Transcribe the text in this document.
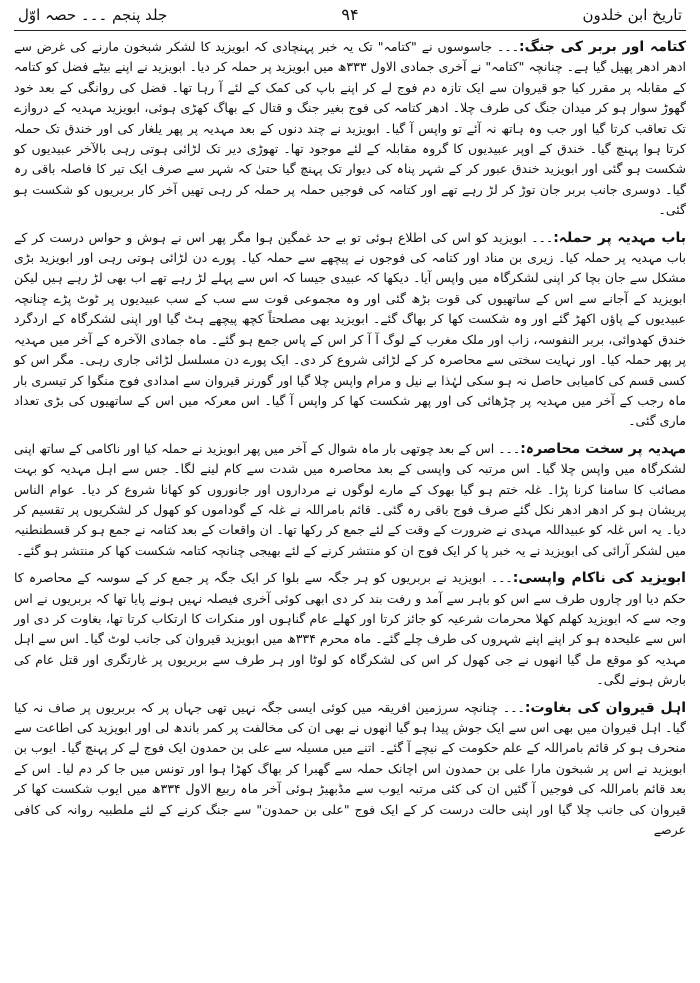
تاریخ ابن خلدون
۹۴
جلد پنجم ۔۔۔ حصہ اوّل

کتامہ اور بربر کی جنگ:۔۔۔ جاسوسوں نے "کتامہ" تک یہ خبر پہنچادی کہ ابویزید کا لشکر شبخون مارنے کی غرض سے ادھر ادھر پھیل گیا ہے۔ چنانچہ "کتامہ" نے آخری جمادی الاول ۳۳۳ھ میں ابویزید پر حملہ کر دیا۔ ابویزید نے اپنے بیٹے فضل کو کتامہ کے مقابلہ پر مقرر کیا جو قیروان سے ایک تازہ دم فوج لے کر اپنے باپ کی کمک کے لئے آ رہا تھا۔ فضل کی روانگی کے بعد خود گھوڑ سوار ہو کر میدان جنگ کی طرف چلا۔ ادھر کتامہ کی فوج بغیر جنگ و قتال کے بھاگ کھڑی ہوئی، ابویزید مہدیہ کے دروازے تک تعاقب کرتا گیا اور جب وہ ہاتھ نہ آئے تو واپس آ گیا۔ ابویزید نے چند دنوں کے بعد مہدیہ پر پھر یلغار کی اور خندق تک حملہ کرتا ہوا پہنچ گیا۔ خندق کے اوپر عبیدیوں کا گروہ مقابلہ کے لئے موجود تھا۔ تھوڑی دیر تک لڑائی ہوتی رہی بالآخر عبیدیوں کو شکست ہو گئی اور ابویزید خندق عبور کر کے شہر پناہ کی دیوار تک پہنچ گیا حتیٰ کہ شہر سے صرف ایک تیر کا فاصلہ باقی رہ گیا۔ دوسری جانب بربر جان توڑ کر لڑ رہے تھے اور کتامہ کی فوجیں حملہ پر حملہ کر رہی تھیں آخر کار بربریوں کو شکست ہو گئی۔

باب مہدیہ پر حملہ:۔۔۔ ابویزید کو اس کی اطلاع ہوئی تو بے حد غمگین ہوا مگر پھر اس نے ہوش و حواس درست کر کے باب مہدیہ پر حملہ کیا۔ زیری بن مناد اور کتامہ کی فوجوں نے پیچھے سے حملہ کیا۔ پورے دن لڑائی ہوتی رہی اور ابویزید بڑی مشکل سے جان بچا کر اپنی لشکرگاہ میں واپس آیا۔ دیکھا کہ عبیدی جیسا کہ اس سے پہلے لڑ رہے تھے اب بھی لڑ رہے ہیں لیکن ابویزید کے آجانے سے اس کے ساتھیوں کی قوت بڑھ گئی اور وہ مجموعی قوت سے سب کے سب عبیدیوں پر ٹوٹ پڑے چنانچہ عبیدیوں کے پاؤں اکھڑ گئے اور وہ شکست کھا کر بھاگ گئے۔ ابویزید بھی مصلحتاً کچھ پیچھے ہٹ گیا اور اپنی لشکرگاہ کے اردگرد خندق کھدوائی، بربر النفوسہ، زاب اور ملک مغرب کے لوگ آ آ کر اس کے پاس جمع ہو گئے۔ ماہ جمادی الآخرہ کے آخر میں مہدیہ پر پھر حملہ کیا۔ اور نہایت سختی سے محاصرہ کر کے لڑائی شروع کر دی۔ ایک پورے دن مسلسل لڑائی جاری رہی۔ مگر اس کو کسی قسم کی کامیابی حاصل نہ ہو سکی لہٰذا بے نیل و مرام واپس چلا گیا اور گورنر قیروان سے امدادی فوج منگوا کر تیسری بار ماہ رجب کے آخر میں مہدیہ پر چڑھائی کی اور پھر شکست کھا کر واپس آ گیا۔ اس معرکہ میں اس کے ساتھیوں کی بڑی تعداد ماری گئی۔

مہدیہ پر سخت محاصرہ:۔۔۔ اس کے بعد چوتھی بار ماہ شوال کے آخر میں پھر ابویزید نے حملہ کیا اور ناکامی کے ساتھ اپنی لشکرگاہ میں واپس چلا گیا۔ اس مرتبہ کی واپسی کے بعد محاصرہ میں شدت سے کام لینے لگا۔ جس سے اہل مہدیہ کو بہت مصائب کا سامنا کرنا پڑا۔ غلہ ختم ہو گیا بھوک کے مارے لوگوں نے مرداروں اور جانوروں کو کھانا شروع کر دیا۔ عوام الناس پریشان ہو کر ادھر ادھر نکل گئے صرف فوج باقی رہ گئی۔ قائم بامراللہ نے غلہ کے گوداموں کو کھول کر لشکریوں پر تقسیم کر دیا۔ یہ اس غلہ کو عبیداللہ مہدی نے ضرورت کے وقت کے لئے جمع کر رکھا تھا۔ ان واقعات کے بعد کتامہ نے جمع ہو کر قسطنطنیہ میں لشکر آرائی کی ابویزید نے یہ خبر پا کر ایک فوج ان کو منتشر کرنے کے لئے بھیجی چنانچہ کتامہ شکست کھا کر منتشر ہو گئے۔

ابویزید کی ناکام واپسی:۔۔۔ ابویزید نے بربریوں کو ہر جگہ سے بلوا کر ایک جگہ پر جمع کر کے سوسہ کے محاصرہ کا حکم دیا اور چاروں طرف سے اس کو باہر سے آمد و رفت بند کر دی ابھی کوئی آخری فیصلہ نہیں ہونے پایا تھا کہ بربریوں نے اس وجہ سے کہ ابویزید کھلم کھلا محرمات شرعیہ کو جائز کرتا اور کھلے عام گناہوں اور منکرات کا ارتکاب کرتا تھا، بغاوت کر دی اور اس سے علیحدہ ہو کر اپنے اپنے شہروں کی طرف چلے گئے۔ ماہ محرم ۳۳۴ھ میں ابویزید قیروان کی جانب لوٹ گیا۔ اس سے اہل مہدیہ کو موقع مل گیا انھوں نے جی کھول کر اس کی لشکرگاہ کو لوٹا اور ہر طرف سے بربریوں پر غارتگری اور قتل عام کی بارش ہونے لگی۔

اہل قیروان کی بغاوت:۔۔۔ چنانچہ سرزمین افریقہ میں کوئی ایسی جگہ نہیں تھی جہاں پر کہ بربریوں پر صاف نہ کیا گیا۔ اہل قیروان میں بھی اس سے ایک جوش پیدا ہو گیا انھوں نے بھی ان کی مخالفت پر کمر باندھ لی اور ابویزید کی اطاعت سے منحرف ہو کر قائم بامراللہ کے علم حکومت کے نیچے آ گئے۔ اتنے میں مسیلہ سے علی بن حمدون ایک فوج لے کر پہنچ گیا۔ ایوب بن ابویزید نے اس پر شبخون مارا علی بن حمدون اس اچانک حملہ سے گھبرا کر بھاگ کھڑا ہوا اور تونس میں جا کر دم لیا۔ اس کے بعد قائم بامراللہ کی فوجیں آ گئیں ان کی کئی مرتبہ ایوب سے مڈبھیڑ ہوئی آخر ماہ ربیع الاول ۳۳۴ھ میں ایوب شکست کھا کر قیروان کی جانب چلا گیا اور اپنی حالت درست کر کے ایک فوج "علی بن حمدون" سے جنگ کرنے کے لئے ملطبیہ روانہ کی کافی عرصے
